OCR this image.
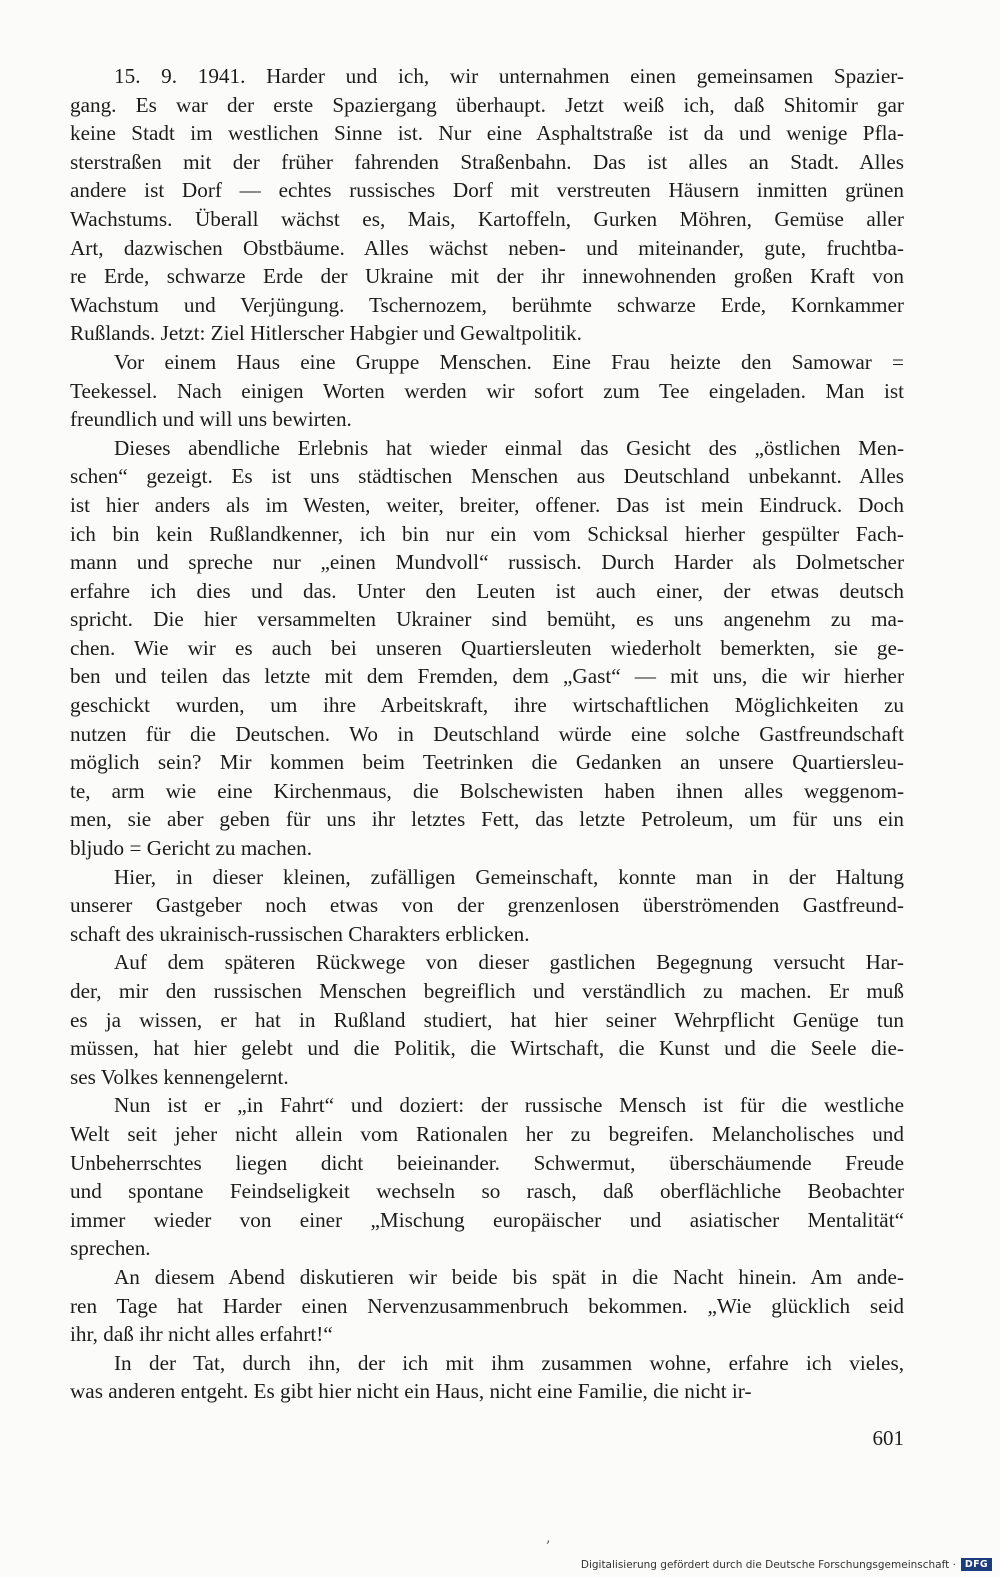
15. 9. 1941. Harder und ich, wir unternahmen einen gemeinsamen Spazier-
gang. Es war der erste Spaziergang überhaupt. Jetzt weiß ich, daß Shitomir gar
keine Stadt im westlichen Sinne ist. Nur eine Asphaltstraße ist da und wenige Pfla-
sterstraßen mit der früher fahrenden Straßenbahn. Das ist alles an Stadt. Alles
andere ist Dorf — echtes russisches Dorf mit verstreuten Häusern inmitten grünen
Wachstums. Überall wächst es, Mais, Kartoffeln, Gurken Möhren, Gemüse aller
Art, dazwischen Obstbäume. Alles wächst neben- und miteinander, gute, fruchtba-
re Erde, schwarze Erde der Ukraine mit der ihr innewohnenden großen Kraft von
Wachstum und Verjüngung. Tschernozem, berühmte schwarze Erde, Kornkammer
Rußlands. Jetzt: Ziel Hitlerscher Habgier und Gewaltpolitik.
Vor einem Haus eine Gruppe Menschen. Eine Frau heizte den Samowar =
Teekessel. Nach einigen Worten werden wir sofort zum Tee eingeladen. Man ist
freundlich und will uns bewirten.
Dieses abendliche Erlebnis hat wieder einmal das Gesicht des „östlichen Men-
schen“ gezeigt. Es ist uns städtischen Menschen aus Deutschland unbekannt. Alles
ist hier anders als im Westen, weiter, breiter, offener. Das ist mein Eindruck. Doch
ich bin kein Rußlandkenner, ich bin nur ein vom Schicksal hierher gespülter Fach-
mann und spreche nur „einen Mundvoll“ russisch. Durch Harder als Dolmetscher
erfahre ich dies und das. Unter den Leuten ist auch einer, der etwas deutsch
spricht. Die hier versammelten Ukrainer sind bemüht, es uns angenehm zu ma-
chen. Wie wir es auch bei unseren Quartiersleuten wiederholt bemerkten, sie ge-
ben und teilen das letzte mit dem Fremden, dem „Gast“ — mit uns, die wir hierher
geschickt wurden, um ihre Arbeitskraft, ihre wirtschaftlichen Möglichkeiten zu
nutzen für die Deutschen. Wo in Deutschland würde eine solche Gastfreundschaft
möglich sein? Mir kommen beim Teetrinken die Gedanken an unsere Quartiersleu-
te, arm wie eine Kirchenmaus, die Bolschewisten haben ihnen alles weggenom-
men, sie aber geben für uns ihr letztes Fett, das letzte Petroleum, um für uns ein
bljudo = Gericht zu machen.
Hier, in dieser kleinen, zufälligen Gemeinschaft, konnte man in der Haltung
unserer Gastgeber noch etwas von der grenzenlosen überströmenden Gastfreund-
schaft des ukrainisch-russischen Charakters erblicken.
Auf dem späteren Rückwege von dieser gastlichen Begegnung versucht Har-
der, mir den russischen Menschen begreiflich und verständlich zu machen. Er muß
es ja wissen, er hat in Rußland studiert, hat hier seiner Wehrpflicht Genüge tun
müssen, hat hier gelebt und die Politik, die Wirtschaft, die Kunst und die Seele die-
ses Volkes kennengelernt.
Nun ist er „in Fahrt“ und doziert: der russische Mensch ist für die westliche
Welt seit jeher nicht allein vom Rationalen her zu begreifen. Melancholisches und
Unbeherrschtes liegen dicht beieinander. Schwermut, überschäumende Freude
und spontane Feindseligkeit wechseln so rasch, daß oberflächliche Beobachter
immer wieder von einer „Mischung europäischer und asiatischer Mentalität“
sprechen.
An diesem Abend diskutieren wir beide bis spät in die Nacht hinein. Am ande-
ren Tage hat Harder einen Nervenzusammenbruch bekommen. „Wie glücklich seid
ihr, daß ihr nicht alles erfahrt!“
In der Tat, durch ihn, der ich mit ihm zusammen wohne, erfahre ich vieles,
was anderen entgeht. Es gibt hier nicht ein Haus, nicht eine Familie, die nicht ir-
601
‚
Digitalisierung gefördert durch die Deutsche Forschungsgemeinschaft · DFG
